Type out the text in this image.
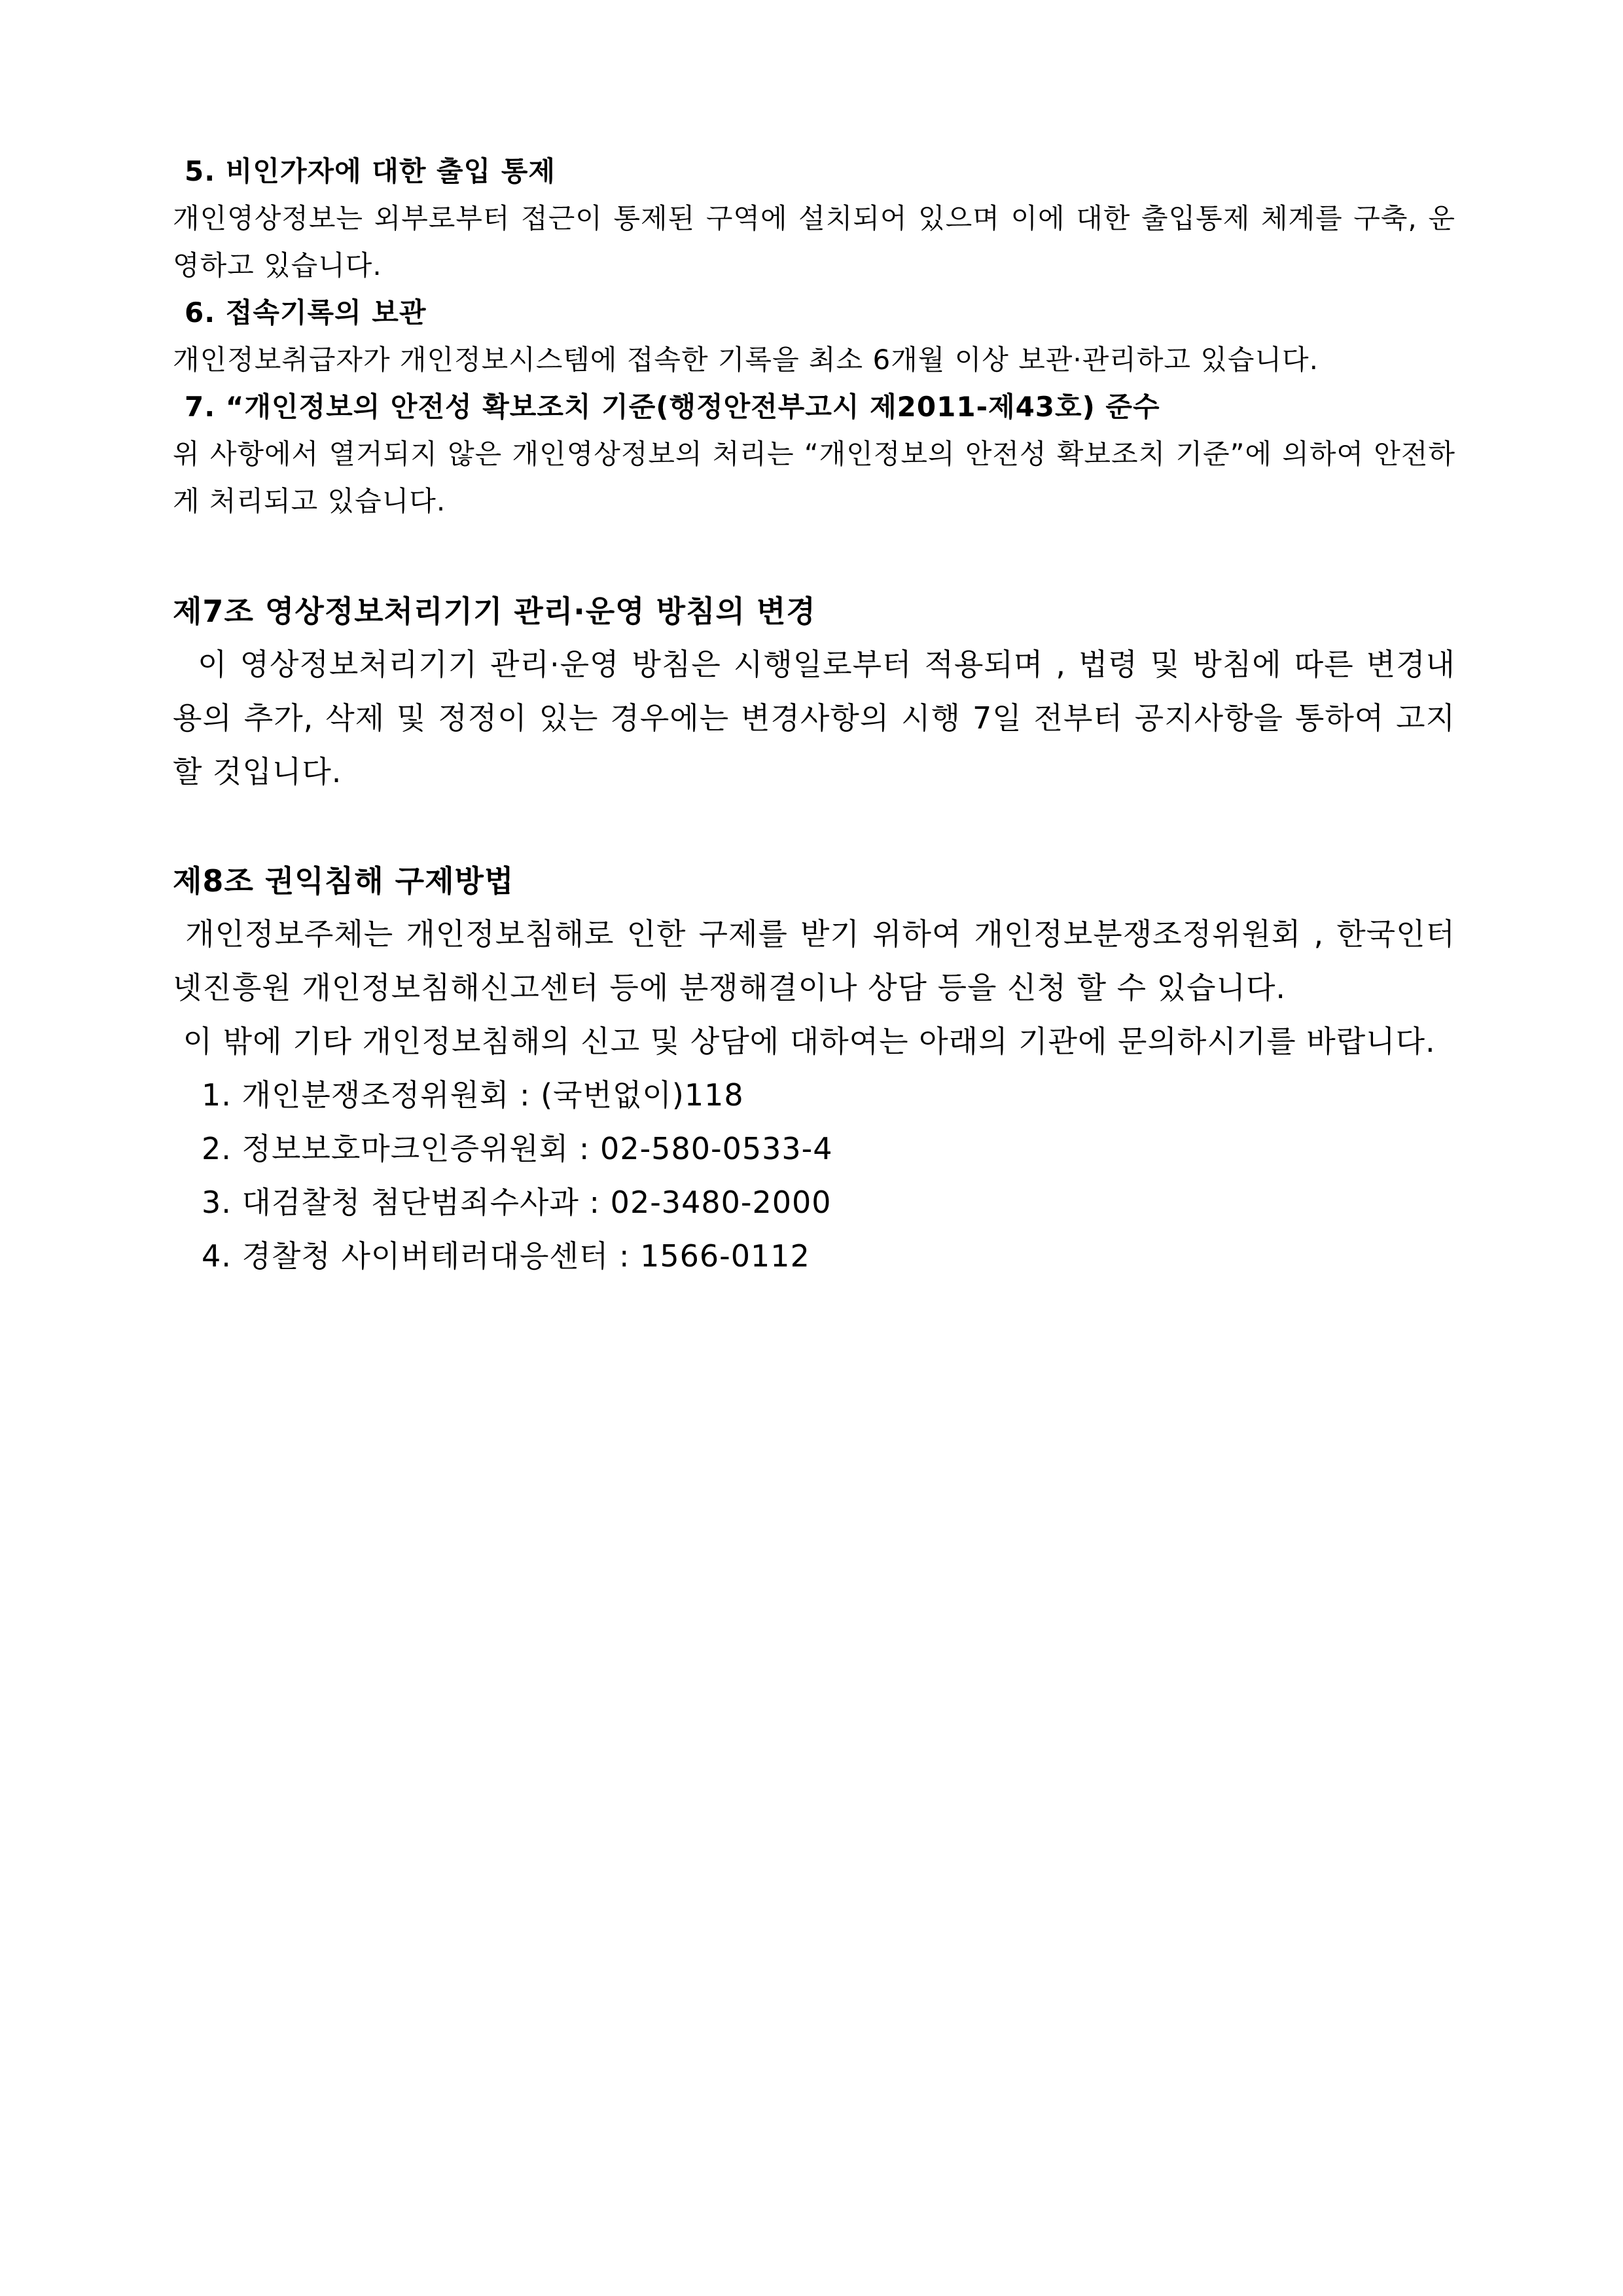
5. 비인가자에 대한 출입 통제

개인영상정보는 외부로부터 접근이 통제된 구역에 설치되어 있으며 이에 대한 출입통제 체계를 구축, 운영하고 있습니다.

6. 접속기록의 보관

개인정보취급자가 개인정보시스템에 접속한 기록을 최소 6개월 이상 보관·관리하고 있습니다.

7. “개인정보의 안전성 확보조치 기준(행정안전부고시 제2011-제43호) 준수

위 사항에서 열거되지 않은 개인영상정보의 처리는 “개인정보의 안전성 확보조치 기준”에 의하여 안전하게 처리되고 있습니다.

제7조 영상정보처리기기 관리·운영 방침의 변경

이 영상정보처리기기 관리·운영 방침은 시행일로부터 적용되며 , 법령 및 방침에 따른 변경내용의 추가, 삭제 및 정정이 있는 경우에는 변경사항의 시행 7일 전부터 공지사항을 통하여 고지할 것입니다.

제8조 권익침해 구제방법

개인정보주체는 개인정보침해로 인한 구제를 받기 위하여 개인정보분쟁조정위원회 , 한국인터넷진흥원 개인정보침해신고센터 등에 분쟁해결이나 상담 등을 신청 할 수 있습니다.

이 밖에 기타 개인정보침해의 신고 및 상담에 대하여는 아래의 기관에 문의하시기를 바랍니다.

1. 개인분쟁조정위원회 : (국번없이)118
2. 정보보호마크인증위원회 : 02-580-0533-4
3. 대검찰청 첨단범죄수사과 : 02-3480-2000
4. 경찰청 사이버테러대응센터 : 1566-0112
